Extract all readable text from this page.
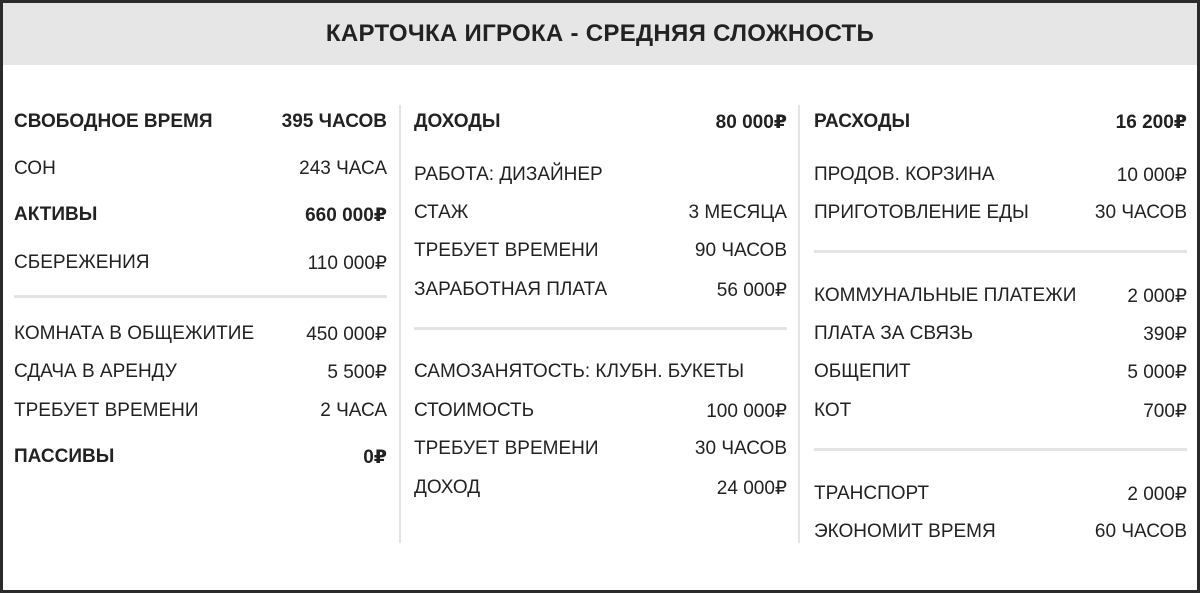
КАРТОЧКА ИГРОКА - СРЕДНЯЯ СЛОЖНОСТЬ
СВОБОДНОЕ ВРЕМЯ	395 ЧАСОВ
СОН	243 ЧАСА
АКТИВЫ	660 000₽
СБЕРЕЖЕНИЯ	110 000₽
КОМНАТА В ОБЩЕЖИТИЕ	450 000₽
СДАЧА В АРЕНДУ	5 500₽
ТРЕБУЕТ ВРЕМЕНИ	2 ЧАСА
ПАССИВЫ	0₽
ДОХОДЫ	80 000₽
РАБОТА: ДИЗАЙНЕР
СТАЖ	3 МЕСЯЦА
ТРЕБУЕТ ВРЕМЕНИ	90 ЧАСОВ
ЗАРАБОТНАЯ ПЛАТА	56 000₽
САМОЗАНЯТОСТЬ: КЛУБН. БУКЕТЫ
СТОИМОСТЬ	100 000₽
ТРЕБУЕТ ВРЕМЕНИ	30 ЧАСОВ
ДОХОД	24 000₽
РАСХОДЫ	16 200₽
ПРОДОВ. КОРЗИНА	10 000₽
ПРИГОТОВЛЕНИЕ ЕДЫ	30 ЧАСОВ
КОММУНАЛЬНЫЕ ПЛАТЕЖИ	2 000₽
ПЛАТА ЗА СВЯЗЬ	390₽
ОБЩЕПИТ	5 000₽
КОТ	700₽
ТРАНСПОРТ	2 000₽
ЭКОНОМИТ ВРЕМЯ	60 ЧАСОВ
